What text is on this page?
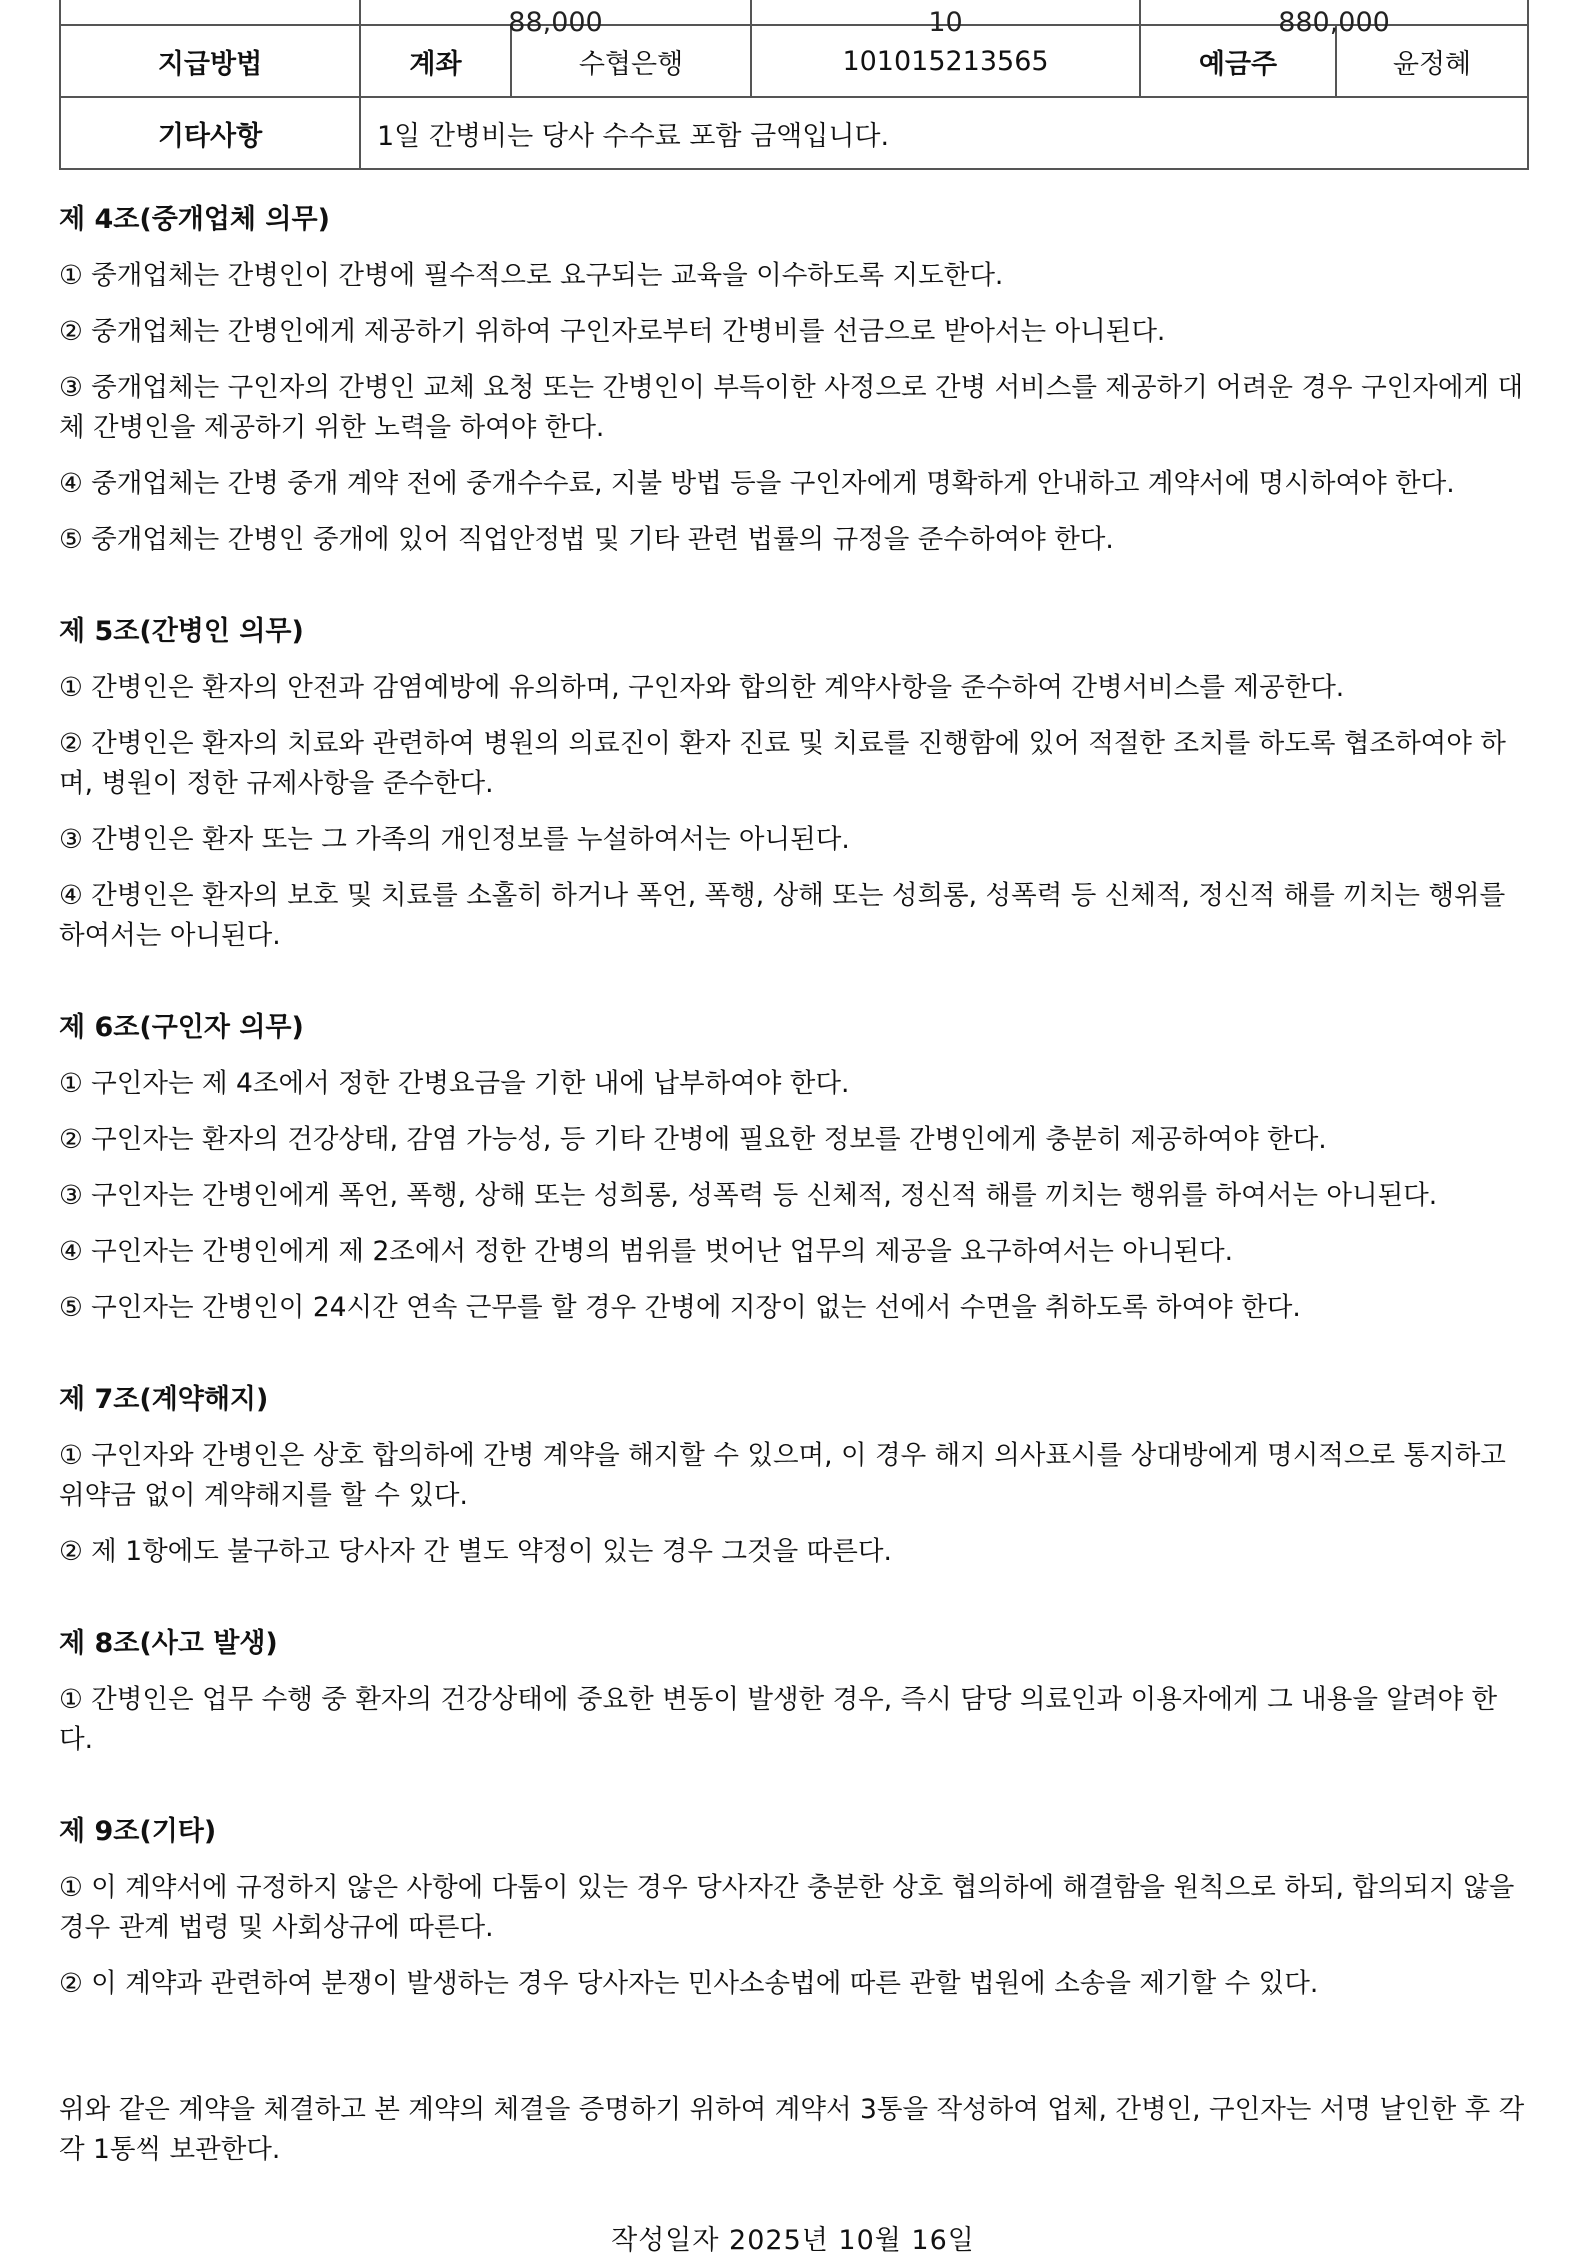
	88,000		10	880,000	

지급방법	계좌	수협은행	101015213565	예금주	윤정혜
기타사항	1일 간병비는 당사 수수료 포함 금액입니다.				
제 4조(중개업체 의무)
① 중개업체는 간병인이 간병에 필수적으로 요구되는 교육을 이수하도록 지도한다.
② 중개업체는 간병인에게 제공하기 위하여 구인자로부터 간병비를 선금으로 받아서는 아니된다.
③ 중개업체는 구인자의 간병인 교체 요청 또는 간병인이 부득이한 사정으로 간병 서비스를 제공하기 어려운 경우 구인자에게 대체 간병인을 제공하기 위한 노력을 하여야 한다.
④ 중개업체는 간병 중개 계약 전에 중개수수료, 지불 방법 등을 구인자에게 명확하게 안내하고 계약서에 명시하여야 한다.
⑤ 중개업체는 간병인 중개에 있어 직업안정법 및 기타 관련 법률의 규정을 준수하여야 한다.
제 5조(간병인 의무)
① 간병인은 환자의 안전과 감염예방에 유의하며, 구인자와 합의한 계약사항을 준수하여 간병서비스를 제공한다.
② 간병인은 환자의 치료와 관련하여 병원의 의료진이 환자 진료 및 치료를 진행함에 있어 적절한 조치를 하도록 협조하여야 하며, 병원이 정한 규제사항을 준수한다.
③ 간병인은 환자 또는 그 가족의 개인정보를 누설하여서는 아니된다.
④ 간병인은 환자의 보호 및 치료를 소홀히 하거나 폭언, 폭행, 상해 또는 성희롱, 성폭력 등 신체적, 정신적 해를 끼치는 행위를 하여서는 아니된다.
제 6조(구인자 의무)
① 구인자는 제 4조에서 정한 간병요금을 기한 내에 납부하여야 한다.
② 구인자는 환자의 건강상태, 감염 가능성, 등 기타 간병에 필요한 정보를 간병인에게 충분히 제공하여야 한다.
③ 구인자는 간병인에게 폭언, 폭행, 상해 또는 성희롱, 성폭력 등 신체적, 정신적 해를 끼치는 행위를 하여서는 아니된다.
④ 구인자는 간병인에게 제 2조에서 정한 간병의 범위를 벗어난 업무의 제공을 요구하여서는 아니된다.
⑤ 구인자는 간병인이 24시간 연속 근무를 할 경우 간병에 지장이 없는 선에서 수면을 취하도록 하여야 한다.
제 7조(계약해지)
① 구인자와 간병인은 상호 합의하에 간병 계약을 해지할 수 있으며, 이 경우 해지 의사표시를 상대방에게 명시적으로 통지하고 위약금 없이 계약해지를 할 수 있다.
② 제 1항에도 불구하고 당사자 간 별도 약정이 있는 경우 그것을 따른다.
제 8조(사고 발생)
① 간병인은 업무 수행 중 환자의 건강상태에 중요한 변동이 발생한 경우, 즉시 담당 의료인과 이용자에게 그 내용을 알려야 한다.
제 9조(기타)
① 이 계약서에 규정하지 않은 사항에 다툼이 있는 경우 당사자간 충분한 상호 협의하에 해결함을 원칙으로 하되, 합의되지 않을 경우 관계 법령 및 사회상규에 따른다.
② 이 계약과 관련하여 분쟁이 발생하는 경우 당사자는 민사소송법에 따른 관할 법원에 소송을 제기할 수 있다.
위와 같은 계약을 체결하고 본 계약의 체결을 증명하기 위하여 계약서 3통을 작성하여 업체, 간병인, 구인자는 서명 날인한 후 각각 1통씩 보관한다.
작성일자 2025년 10월 16일
